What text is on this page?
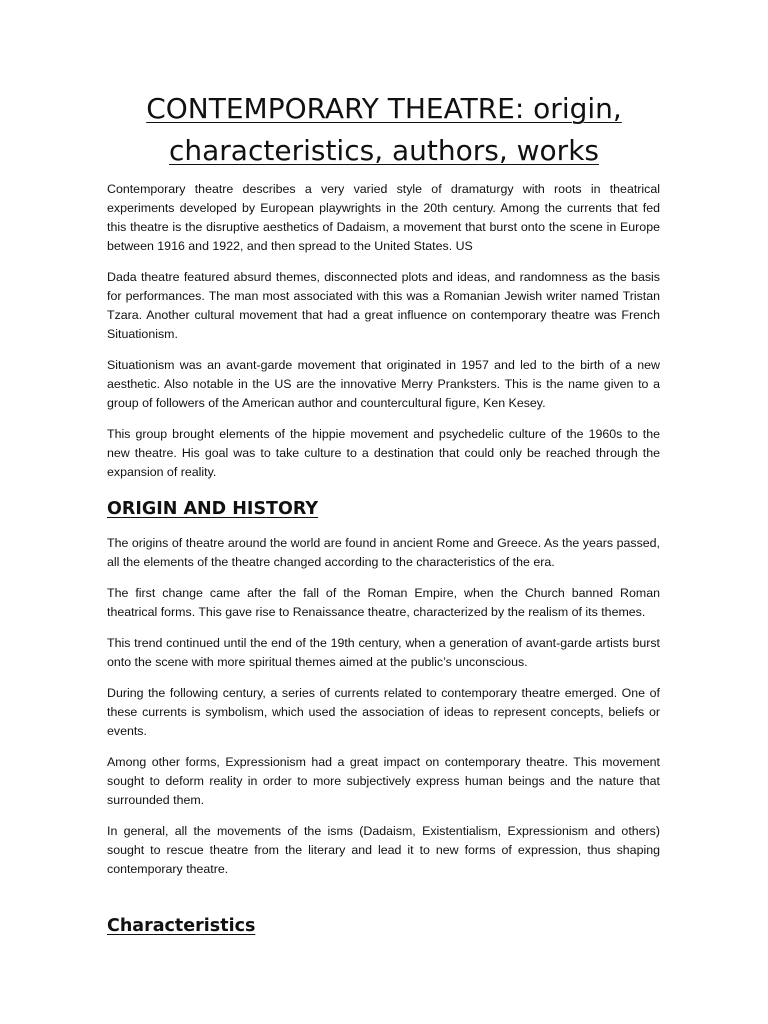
CONTEMPORARY THEATRE: origin, characteristics, authors, works

Contemporary theatre describes a very varied style of dramaturgy with roots in theatrical experiments developed by European playwrights in the 20th century. Among the currents that fed this theatre is the disruptive aesthetics of Dadaism, a movement that burst onto the scene in Europe between 1916 and 1922, and then spread to the United States. US

Dada theatre featured absurd themes, disconnected plots and ideas, and randomness as the basis for performances. The man most associated with this was a Romanian Jewish writer named Tristan Tzara. Another cultural movement that had a great influence on contemporary theatre was French Situationism.

Situationism was an avant-garde movement that originated in 1957 and led to the birth of a new aesthetic. Also notable in the US are the innovative Merry Pranksters. This is the name given to a group of followers of the American author and countercultural figure, Ken Kesey.

This group brought elements of the hippie movement and psychedelic culture of the 1960s to the new theatre. His goal was to take culture to a destination that could only be reached through the expansion of reality.

ORIGIN AND HISTORY

The origins of theatre around the world are found in ancient Rome and Greece. As the years passed, all the elements of the theatre changed according to the characteristics of the era.

The first change came after the fall of the Roman Empire, when the Church banned Roman theatrical forms. This gave rise to Renaissance theatre, characterized by the realism of its themes.

This trend continued until the end of the 19th century, when a generation of avant-garde artists burst onto the scene with more spiritual themes aimed at the public’s unconscious.

During the following century, a series of currents related to contemporary theatre emerged. One of these currents is symbolism, which used the association of ideas to represent concepts, beliefs or events.

Among other forms, Expressionism had a great impact on contemporary theatre. This movement sought to deform reality in order to more subjectively express human beings and the nature that surrounded them.

In general, all the movements of the isms (Dadaism, Existentialism, Expressionism and others) sought to rescue theatre from the literary and lead it to new forms of expression, thus shaping contemporary theatre.

Characteristics
